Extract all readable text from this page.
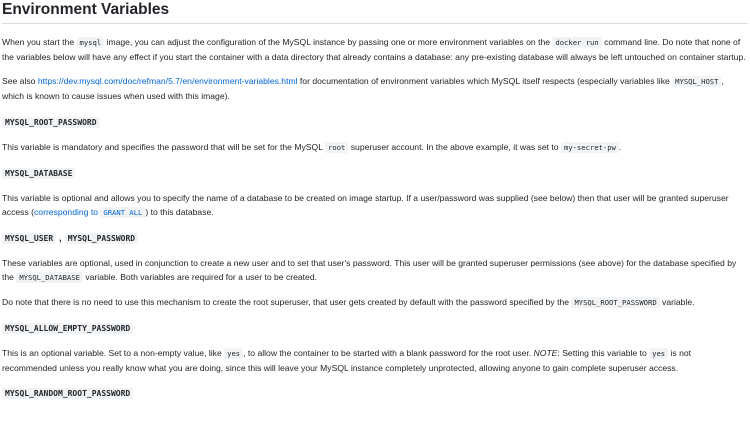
Environment Variables

When you start the mysql image, you can adjust the configuration of the MySQL instance by passing one or more environment variables on the docker run command line. Do note that none of the variables below will have any effect if you start the container with a data directory that already contains a database: any pre-existing database will always be left untouched on container startup.

See also https://dev.mysql.com/doc/refman/5.7/en/environment-variables.html for documentation of environment variables which MySQL itself respects (especially variables like MYSQL_HOST , which is known to cause issues when used with this image).

MYSQL_ROOT_PASSWORD

This variable is mandatory and specifies the password that will be set for the MySQL root superuser account. In the above example, it was set to my-secret-pw .

MYSQL_DATABASE

This variable is optional and allows you to specify the name of a database to be created on image startup. If a user/password was supplied (see below) then that user will be granted superuser access (corresponding to GRANT ALL ) to this database.

MYSQL_USER , MYSQL_PASSWORD

These variables are optional, used in conjunction to create a new user and to set that user's password. This user will be granted superuser permissions (see above) for the database specified by the MYSQL_DATABASE variable. Both variables are required for a user to be created.

Do note that there is no need to use this mechanism to create the root superuser, that user gets created by default with the password specified by the MYSQL_ROOT_PASSWORD variable.

MYSQL_ALLOW_EMPTY_PASSWORD

This is an optional variable. Set to a non-empty value, like yes , to allow the container to be started with a blank password for the root user. NOTE: Setting this variable to yes is not recommended unless you really know what you are doing, since this will leave your MySQL instance completely unprotected, allowing anyone to gain complete superuser access.

MYSQL_RANDOM_ROOT_PASSWORD
